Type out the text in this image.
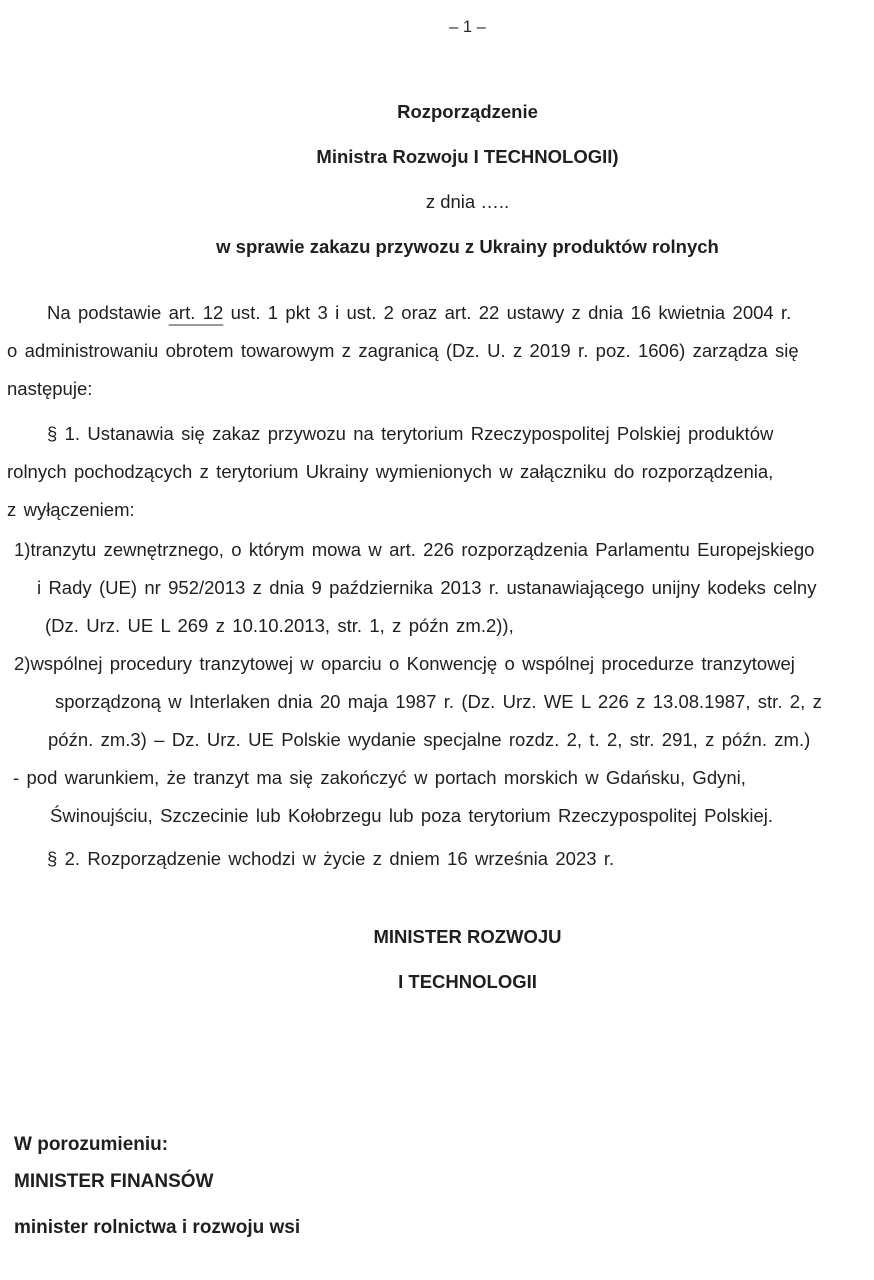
– 1 –
Rozporządzenie
Ministra Rozwoju I TECHNOLOGII)
z dnia …..
w sprawie zakazu przywozu z Ukrainy produktów rolnych
Na podstawie art. 12 ust. 1 pkt 3 i ust. 2 oraz art. 22 ustawy z dnia 16 kwietnia 2004 r.
o administrowaniu obrotem towarowym z zagranicą (Dz. U. z 2019 r. poz. 1606) zarządza się
następuje:
§ 1. Ustanawia się zakaz przywozu na terytorium Rzeczypospolitej Polskiej produktów
rolnych pochodzących z terytorium Ukrainy wymienionych w załączniku do rozporządzenia,
z wyłączeniem:
1)tranzytu zewnętrznego, o którym mowa w art. 226 rozporządzenia Parlamentu Europejskiego
i Rady (UE) nr 952/2013 z dnia 9 października 2013 r. ustanawiającego unijny kodeks celny
(Dz. Urz. UE L 269 z 10.10.2013, str. 1, z późn zm.2)),
2)wspólnej procedury tranzytowej w oparciu o Konwencję o wspólnej procedurze tranzytowej
sporządzoną w Interlaken dnia 20 maja 1987 r. (Dz. Urz. WE L 226 z 13.08.1987, str. 2, z
późn. zm.3) – Dz. Urz. UE Polskie wydanie specjalne rozdz. 2, t. 2, str. 291, z późn. zm.)
- pod warunkiem, że tranzyt ma się zakończyć w portach morskich w Gdańsku, Gdyni,
Świnoujściu, Szczecinie lub Kołobrzegu lub poza terytorium Rzeczypospolitej Polskiej.
§ 2. Rozporządzenie wchodzi w życie z dniem 16 września 2023 r.
MINISTER ROZWOJU
I TECHNOLOGII
W porozumieniu:
MINISTER FINANSÓW
minister rolnictwa i rozwoju wsi
